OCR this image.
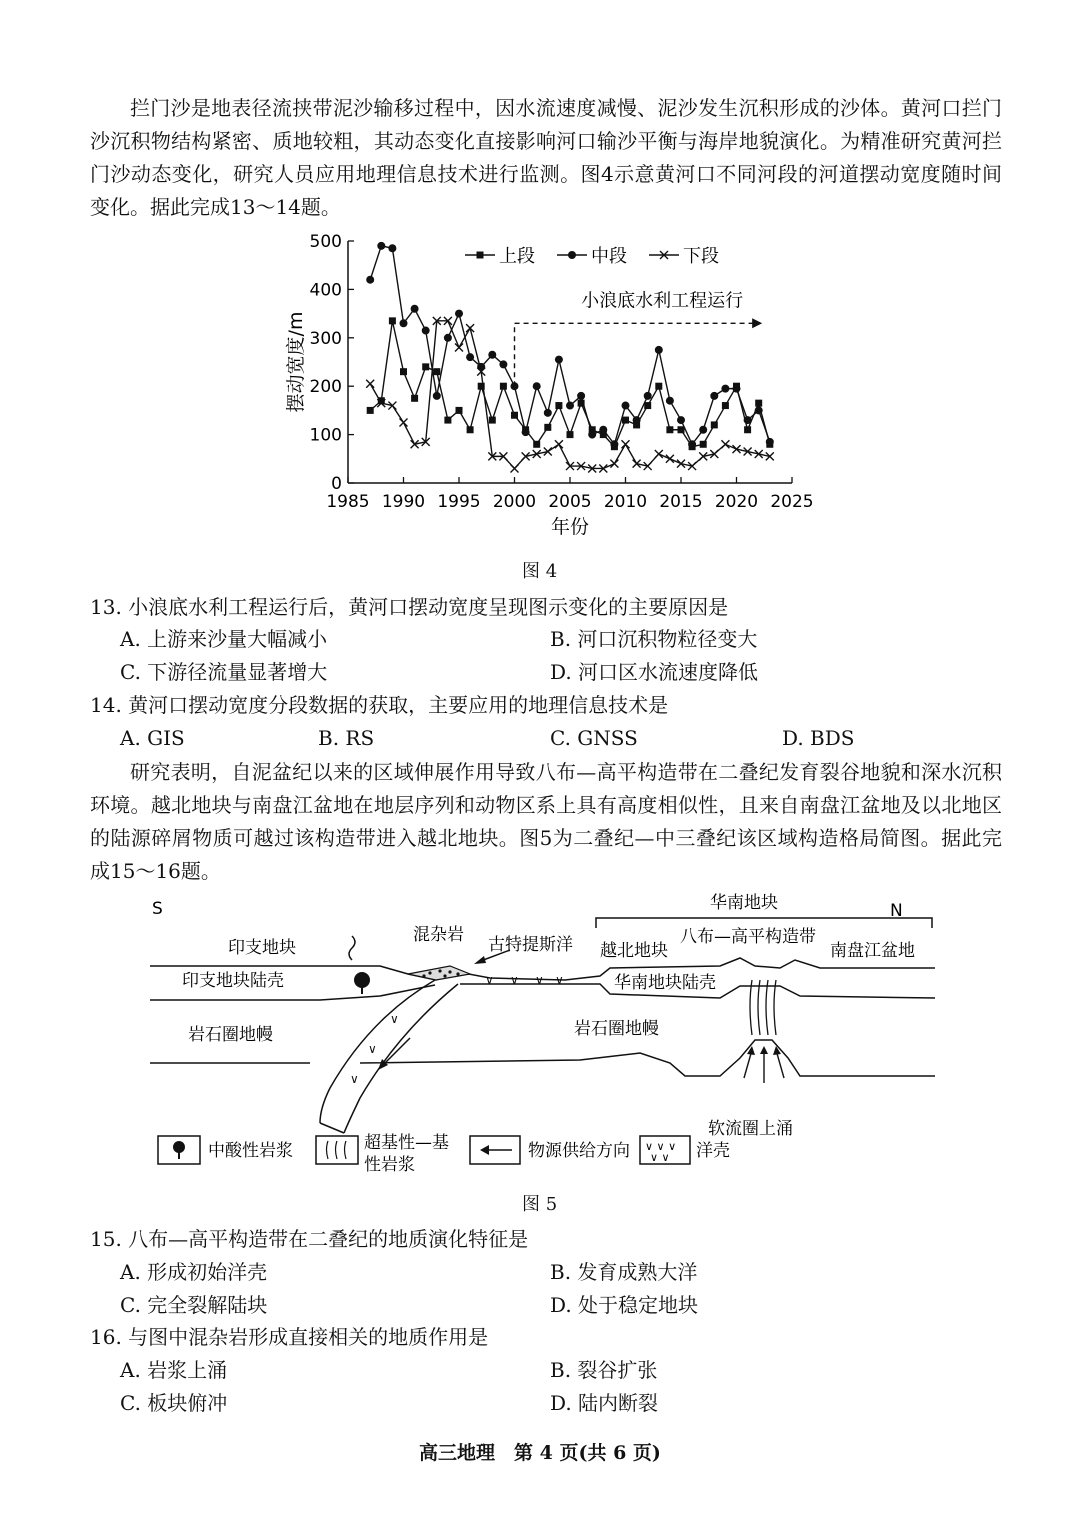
拦门沙是地表径流挟带泥沙输移过程中，因水流速度减慢、泥沙发生沉积形成的沙体。黄河口拦门沙沉积物结构紧密、质地较粗，其动态变化直接影响河口输沙平衡与海岸地貌演化。为精准研究黄河拦门沙动态变化，研究人员应用地理信息技术进行监测。图4示意黄河口不同河段的河道摆动宽度随时间变化。据此完成13～14题。
0
100
200
300
400
500
1985 1990 1995 2000 2005 2010 2015 2020 2025
年份
摆动宽度/m
小浪底水利工程运行
上段	中段	下段
图 4
13. 小浪底水利工程运行后，黄河口摆动宽度呈现图示变化的主要原因是
A. 上游来沙量大幅减小	B. 河口沉积物粒径变大
C. 下游径流量显著增大	D. 河口区水流速度降低
14. 黄河口摆动宽度分段数据的获取，主要应用的地理信息技术是
A. GIS	B. RS	C. GNSS	D. BDS
研究表明，自泥盆纪以来的区域伸展作用导致八布—高平构造带在二叠纪发育裂谷地貌和深水沉积环境。越北地块与南盘江盆地在地层序列和动物区系上具有高度相似性，且来自南盘江盆地及以北地区的陆源碎屑物质可越过该构造带进入越北地块。图5为二叠纪—中三叠纪该区域构造格局简图。据此完成15～16题。
S	N
华南地块
印支地块
混杂岩 古特提斯洋 越北地块
八布—高平构造带
南盘江盆地
∨
∨
∨
∨ ∨ ∨ ∨
印支地块陆壳	华南地块陆壳
岩石圈地幔	岩石圈地幔
软流圈上涌
中酸性岩浆	超基性—基
性岩浆
物源供给方向 ∨ ∨ ∨
∨ ∨ 洋壳
图 5
15. 八布—高平构造带在二叠纪的地质演化特征是
A. 形成初始洋壳	B. 发育成熟大洋
C. 完全裂解陆块	D. 处于稳定地块
16. 与图中混杂岩形成直接相关的地质作用是
A. 岩浆上涌	B. 裂谷扩张
C. 板块俯冲	D. 陆内断裂
高三地理　第 4 页(共 6 页)
